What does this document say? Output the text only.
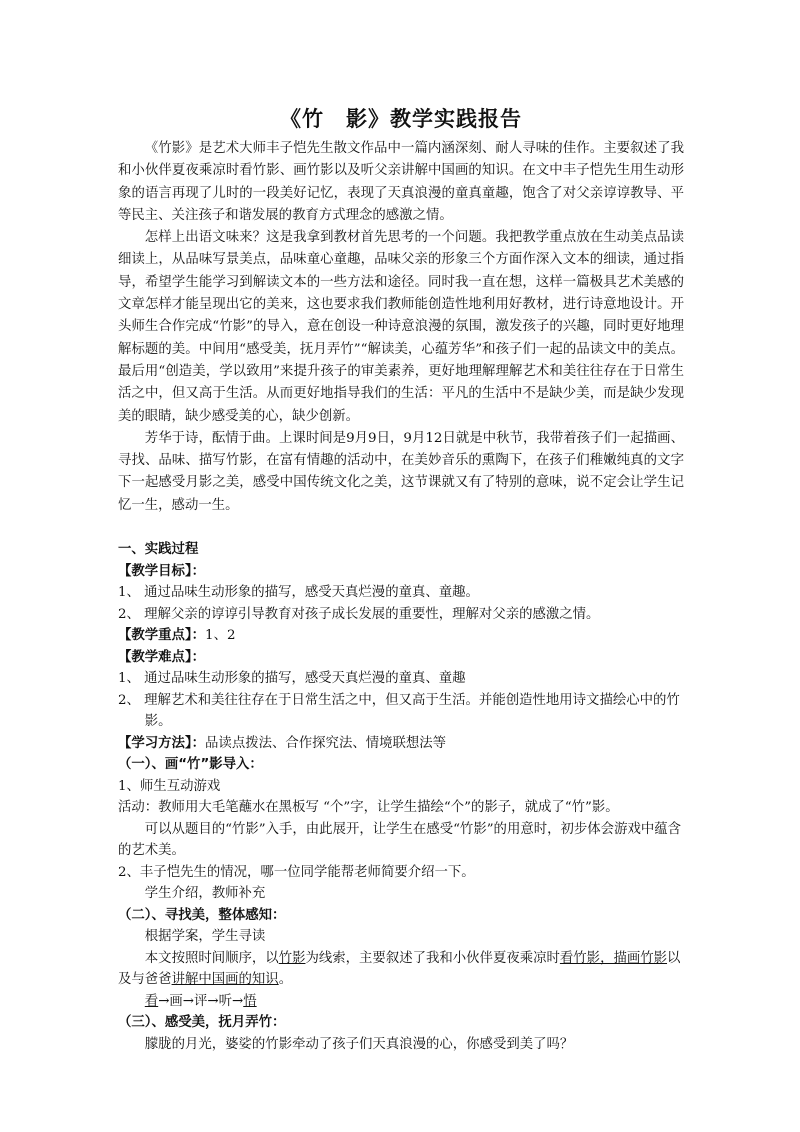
《竹　影》教学实践报告

《竹影》是艺术大师丰子恺先生散文作品中一篇内涵深刻、耐人寻味的佳作。主要叙述了我和小伙伴夏夜乘凉时看竹影、画竹影以及听父亲讲解中国画的知识。在文中丰子恺先生用生动形象的语言再现了儿时的一段美好记忆，表现了天真浪漫的童真童趣，饱含了对父亲谆谆教导、平等民主、关注孩子和谐发展的教育方式理念的感激之情。

怎样上出语文味来？这是我拿到教材首先思考的一个问题。我把教学重点放在生动美点品读细读上，从品味写景美点，品味童心童趣，品味父亲的形象三个方面作深入文本的细读，通过指导，希望学生能学习到解读文本的一些方法和途径。同时我一直在想，这样一篇极具艺术美感的文章怎样才能呈现出它的美来，这也要求我们教师能创造性地利用好教材，进行诗意地设计。开头师生合作完成“竹影”的导入，意在创设一种诗意浪漫的氛围，激发孩子的兴趣，同时更好地理解标题的美。中间用“感受美，抚月弄竹”“解读美，心蕴芳华”和孩子们一起的品读文中的美点。最后用“创造美，学以致用”来提升孩子的审美素养，更好地理解理解艺术和美往往存在于日常生活之中，但又高于生活。从而更好地指导我们的生活：平凡的生活中不是缺少美，而是缺少发现美的眼睛，缺少感受美的心，缺少创新。

芳华于诗，酝情于曲。上课时间是9月9日，9月12日就是中秋节，我带着孩子们一起描画、寻找、品味、描写竹影，在富有情趣的活动中，在美妙音乐的熏陶下，在孩子们稚嫩纯真的文字下一起感受月影之美，感受中国传统文化之美，这节课就又有了特别的意味，说不定会让学生记忆一生，感动一生。

一、实践过程

【教学目标】：

1、 通过品味生动形象的描写，感受天真烂漫的童真、童趣。

2、 理解父亲的谆谆引导教育对孩子成长发展的重要性，理解对父亲的感激之情。

【教学重点】：1、2

【教学难点】：

1、 通过品味生动形象的描写，感受天真烂漫的童真、童趣

2、 理解艺术和美往往存在于日常生活之中，但又高于生活。并能创造性地用诗文描绘心中的竹影。

【学习方法】：品读点拨法、合作探究法、情境联想法等

（一）、画“竹”影导入：

1、师生互动游戏

活动：教师用大毛笔蘸水在黑板写 “个”字，让学生描绘“个”的影子，就成了“竹”影。

可以从题目的“竹影”入手，由此展开，让学生在感受“竹影”的用意时，初步体会游戏中蕴含的艺术美。

2、丰子恺先生的情况，哪一位同学能帮老师简要介绍一下。

学生介绍，教师补充

（二）、寻找美，整体感知：

根据学案，学生寻读

本文按照时间顺序，以竹影为线索，主要叙述了我和小伙伴夏夜乘凉时看竹影，描画竹影以及与爸爸讲解中国画的知识。

看→画→评→听→悟

（三）、感受美，抚月弄竹：

朦胧的月光，婆娑的竹影牵动了孩子们天真浪漫的心，你感受到美了吗？
